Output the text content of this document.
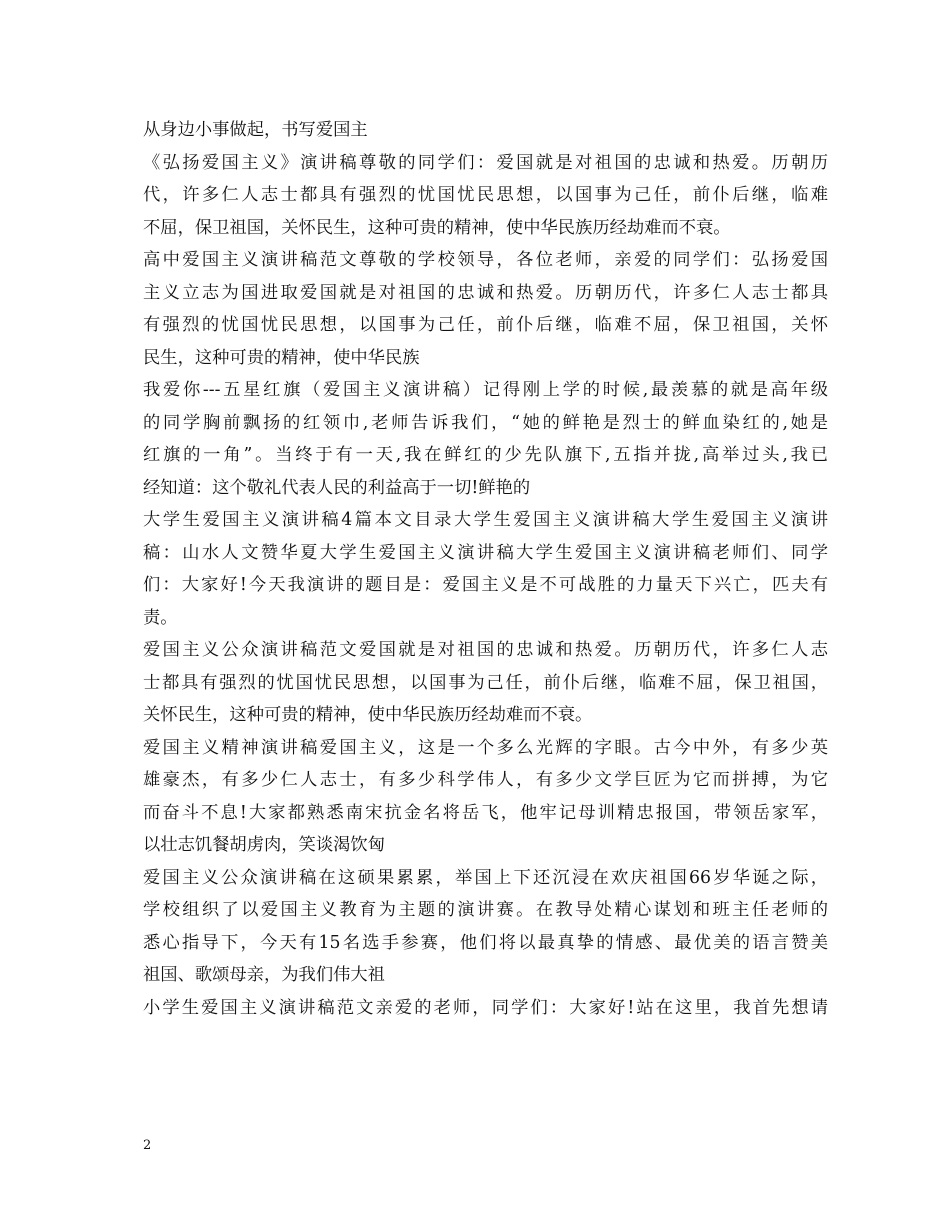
从身边小事做起，书写爱国主
《弘扬爱国主义》演讲稿尊敬的同学们：爱国就是对祖国的忠诚和热爱。历朝历
代，许多仁人志士都具有强烈的忧国忧民思想，以国事为己任，前仆后继，临难
不屈，保卫祖国，关怀民生，这种可贵的精神，使中华民族历经劫难而不衰。
高中爱国主义演讲稿范文尊敬的学校领导，各位老师，亲爱的同学们：弘扬爱国
主义立志为国进取爱国就是对祖国的忠诚和热爱。历朝历代，许多仁人志士都具
有强烈的忧国忧民思想，以国事为己任，前仆后继，临难不屈，保卫祖国，关怀
民生，这种可贵的精神，使中华民族
我爱你---五星红旗（爱国主义演讲稿）记得刚上学的时候,最羡慕的就是高年级
的同学胸前飘扬的红领巾,老师告诉我们，“她的鲜艳是烈士的鲜血染红的,她是
红旗的一角”。当终于有一天,我在鲜红的少先队旗下,五指并拢,高举过头,我已
经知道：这个敬礼代表人民的利益高于一切!鲜艳的
大学生爱国主义演讲稿4篇本文目录大学生爱国主义演讲稿大学生爱国主义演讲
稿：山水人文赞华夏大学生爱国主义演讲稿大学生爱国主义演讲稿老师们、同学
们：大家好!今天我演讲的题目是：爱国主义是不可战胜的力量天下兴亡，匹夫有
责。
爱国主义公众演讲稿范文爱国就是对祖国的忠诚和热爱。历朝历代，许多仁人志
士都具有强烈的忧国忧民思想，以国事为己任，前仆后继，临难不屈，保卫祖国，
关怀民生，这种可贵的精神，使中华民族历经劫难而不衰。
爱国主义精神演讲稿爱国主义，这是一个多么光辉的字眼。古今中外，有多少英
雄豪杰，有多少仁人志士，有多少科学伟人，有多少文学巨匠为它而拼搏，为它
而奋斗不息!大家都熟悉南宋抗金名将岳飞，他牢记母训精忠报国，带领岳家军，
以壮志饥餐胡虏肉，笑谈渴饮匈
爱国主义公众演讲稿在这硕果累累，举国上下还沉浸在欢庆祖国66岁华诞之际，
学校组织了以爱国主义教育为主题的演讲赛。在教导处精心谋划和班主任老师的
悉心指导下，今天有15名选手参赛，他们将以最真挚的情感、最优美的语言赞美
祖国、歌颂母亲，为我们伟大祖
小学生爱国主义演讲稿范文亲爱的老师，同学们：大家好!站在这里，我首先想请
2
